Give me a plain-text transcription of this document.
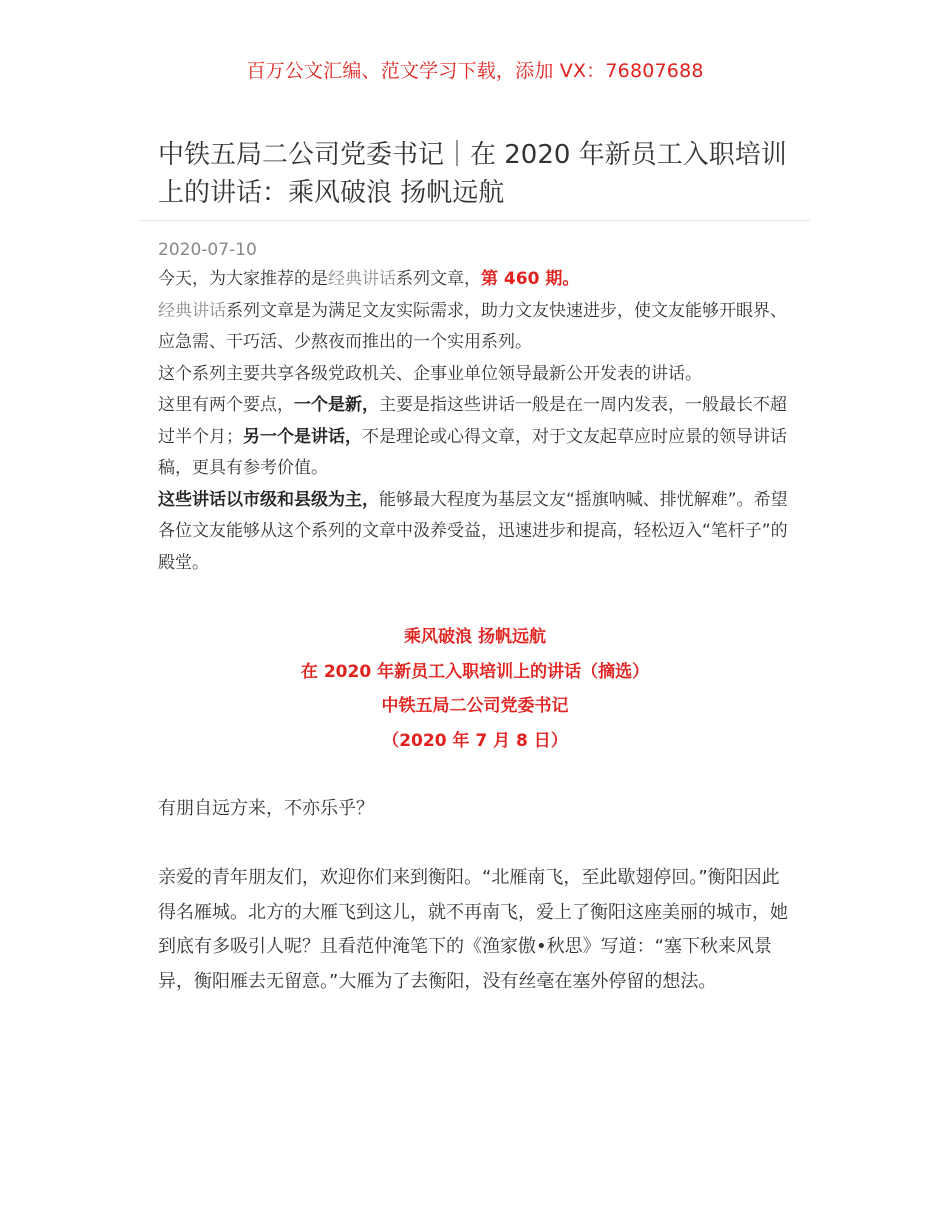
百万公文汇编、范文学习下载，添加 VX：76807688
中铁五局二公司党委书记｜在 2020 年新员工入职培训上的讲话：乘风破浪 扬帆远航
2020-07-10

今天，为大家推荐的是经典讲话系列文章，第 460 期。

经典讲话系列文章是为满足文友实际需求，助力文友快速进步，使文友能够开眼界、应急需、干巧活、少熬夜而推出的一个实用系列。

这个系列主要共享各级党政机关、企事业单位领导最新公开发表的讲话。

这里有两个要点，一个是新，主要是指这些讲话一般是在一周内发表，一般最长不超过半个月；另一个是讲话，不是理论或心得文章，对于文友起草应时应景的领导讲话稿，更具有参考价值。

这些讲话以市级和县级为主，能够最大程度为基层文友“摇旗呐喊、排忧解难”。希望各位文友能够从这个系列的文章中汲养受益，迅速进步和提高，轻松迈入“笔杆子”的殿堂。

乘风破浪 扬帆远航
在 2020 年新员工入职培训上的讲话（摘选）
中铁五局二公司党委书记
（2020 年 7 月 8 日）

有朋自远方来，不亦乐乎？

亲爱的青年朋友们，欢迎你们来到衡阳。“北雁南飞，至此歇翅停回。”衡阳因此得名雁城。北方的大雁飞到这儿，就不再南飞，爱上了衡阳这座美丽的城市，她到底有多吸引人呢？且看范仲淹笔下的《渔家傲•秋思》写道：“塞下秋来风景异，衡阳雁去无留意。”大雁为了去衡阳，没有丝毫在塞外停留的想法。
